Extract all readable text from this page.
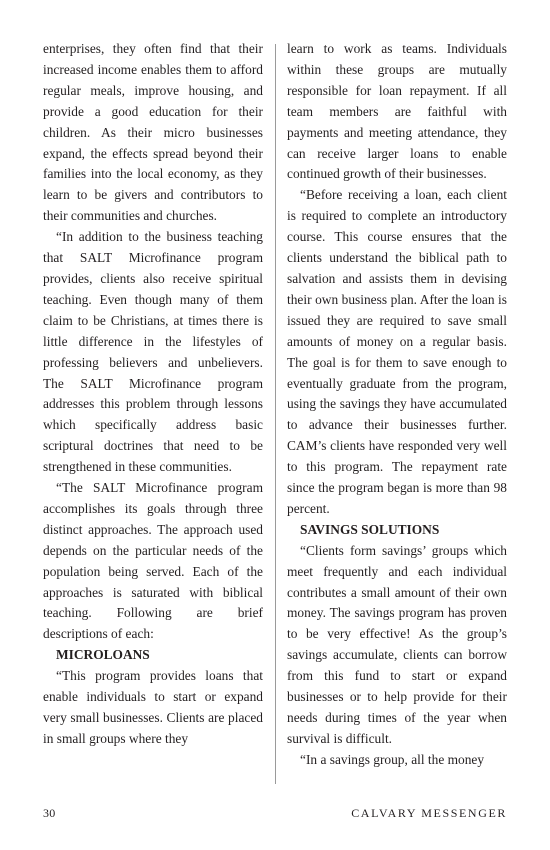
enterprises, they often find that their increased income enables them to afford regular meals, improve housing, and provide a good education for their children. As their micro businesses expand, the effects spread beyond their families into the local economy, as they learn to be givers and contributors to their communities and churches.

“In addition to the business teaching that SALT Microfinance program provides, clients also receive spiritual teaching. Even though many of them claim to be Christians, at times there is little difference in the lifestyles of professing believers and unbelievers. The SALT Microfinance program addresses this problem through lessons which specifically address basic scriptural doctrines that need to be strengthened in these communities.

“The SALT Microfinance program accomplishes its goals through three distinct approaches. The approach used depends on the particular needs of the population being served. Each of the approaches is saturated with biblical teaching. Following are brief descriptions of each:

MICROLOANS

“This program provides loans that enable individuals to start or expand very small businesses. Clients are placed in small groups where they

learn to work as teams. Individuals within these groups are mutually responsible for loan repayment. If all team members are faithful with payments and meeting attendance, they can receive larger loans to enable continued growth of their businesses.

“Before receiving a loan, each client is required to complete an introductory course. This course ensures that the clients understand the biblical path to salvation and assists them in devising their own business plan. After the loan is issued they are required to save small amounts of money on a regular basis. The goal is for them to save enough to eventually graduate from the program, using the savings they have accumulated to advance their businesses further. CAM’s clients have responded very well to this program. The repayment rate since the program began is more than 98 percent.

SAVINGS SOLUTIONS

“Clients form savings’ groups which meet frequently and each individual contributes a small amount of their own money. The savings program has proven to be very effective! As the group’s savings accumulate, clients can borrow from this fund to start or expand businesses or to help provide for their needs during times of the year when survival is difficult.

“In a savings group, all the money

30	CALVARY MESSENGER
